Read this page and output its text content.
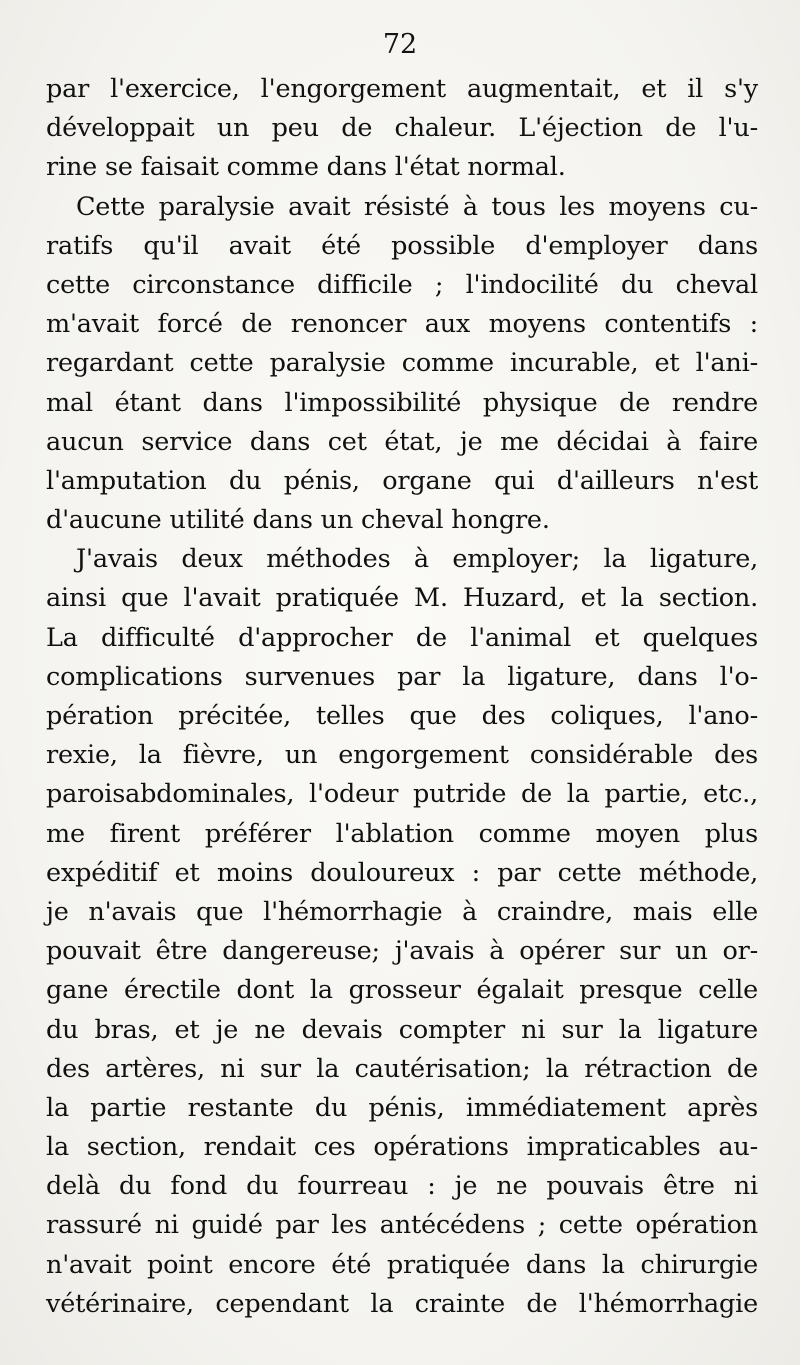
72
par l'exercice, l'engorgement augmentait, et il s'y
développait un peu de chaleur. L'éjection de l'u-
rine se faisait comme dans l'état normal.
Cette paralysie avait résisté à tous les moyens cu-
ratifs qu'il avait été possible d'employer dans
cette circonstance difficile ; l'indocilité du cheval
m'avait forcé de renoncer aux moyens contentifs :
regardant cette paralysie comme incurable, et l'ani-
mal étant dans l'impossibilité physique de rendre
aucun service dans cet état, je me décidai à faire
l'amputation du pénis, organe qui d'ailleurs n'est
d'aucune utilité dans un cheval hongre.
J'avais deux méthodes à employer; la ligature,
ainsi que l'avait pratiquée M. Huzard, et la section.
La difficulté d'approcher de l'animal et quelques
complications survenues par la ligature, dans l'o-
pération précitée, telles que des coliques, l'ano-
rexie, la fièvre, un engorgement considérable des
paroisabdominales, l'odeur putride de la partie, etc.,
me firent préférer l'ablation comme moyen plus
expéditif et moins douloureux : par cette méthode,
je n'avais que l'hémorrhagie à craindre, mais elle
pouvait être dangereuse; j'avais à opérer sur un or-
gane érectile dont la grosseur égalait presque celle
du bras, et je ne devais compter ni sur la ligature
des artères, ni sur la cautérisation; la rétraction de
la partie restante du pénis, immédiatement après
la section, rendait ces opérations impraticables au-
delà du fond du fourreau : je ne pouvais être ni
rassuré ni guidé par les antécédens ; cette opération
n'avait point encore été pratiquée dans la chirurgie
vétérinaire, cependant la crainte de l'hémorrhagie
